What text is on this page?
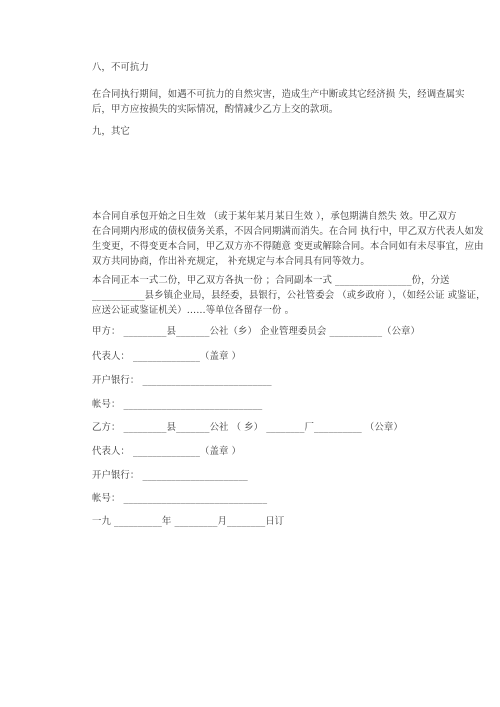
八，不可抗力
在合同执行期间，如遇不可抗力的自然灾害，造成生产中断或其它经济损 失，经调查属实
后，甲方应按损失的实际情况，酌情减少乙方上交的款项。
九，其它
本合同自承包开始之日生效 （或于某年某月某日生效 ），承包期满自然失 效。甲乙双方
在合同期内形成的债权债务关系，不因合同期满而消失。在合同 执行中，甲乙双方代表人如发
生变更，不得变更本合同，甲乙双方亦不得随意 变更或解除合同。本合同如有未尽事宜，应由
双方共同协商，作出补充规定， 补充规定与本合同具有同等效力。
本合同正本一式二份，甲乙双方各执一份 ；合同副本一式 ________________份，分送
___________县乡镇企业局，县经委，县银行，公社管委会 （或乡政府 ），（如经公证 或鉴证，
应送公证或鉴证机关）……等单位各留存一份 。
甲方： _________县_______公社（乡） 企业管理委员会 ___________（公章）
代表人： ______________（盖章 ）
开户银行： ___________________________
帐号： _____________________________
乙方： _________县_______公社 （ 乡） ________厂__________ （公章）
代表人： ______________（盖章 ）
开户银行： ______________________
帐号： ______________________________
一九 __________年 _________月________日订
